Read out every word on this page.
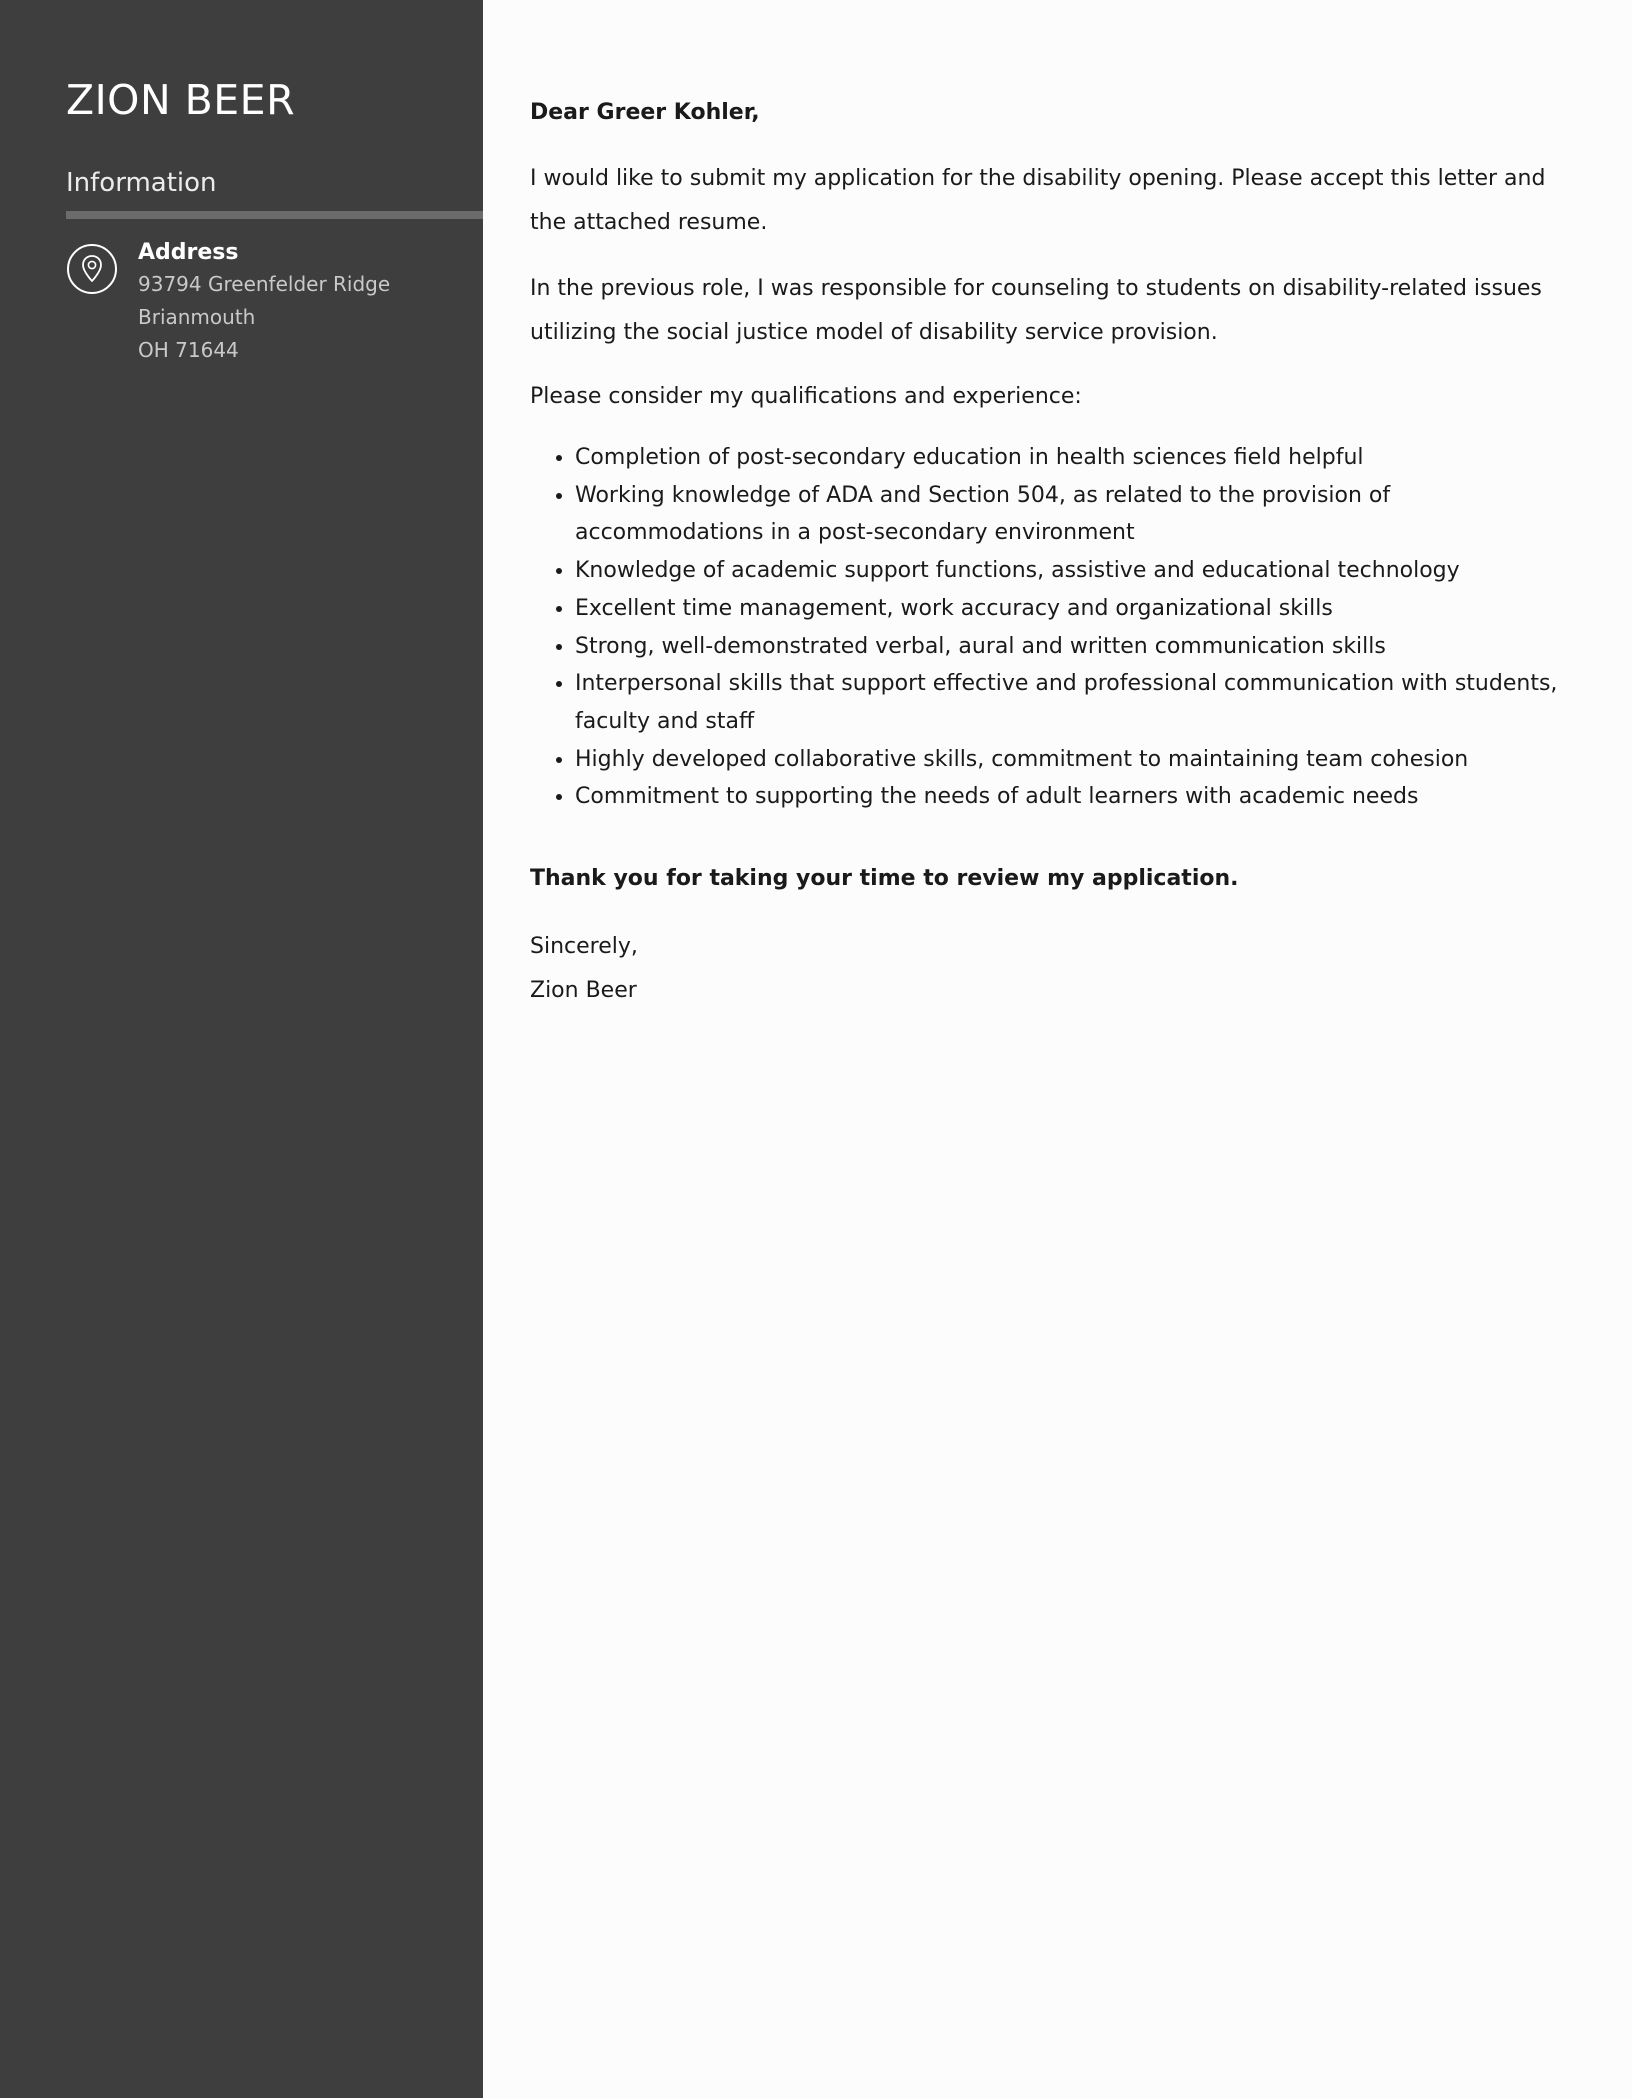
ZION BEER
Information
Address
93794 Greenfelder Ridge
Brianmouth
OH 71644

Dear Greer Kohler,

I would like to submit my application for the disability opening. Please accept this letter and the attached resume.

In the previous role, I was responsible for counseling to students on disability-related issues utilizing the social justice model of disability service provision.

Please consider my qualifications and experience:

• Completion of post-secondary education in health sciences field helpful
• Working knowledge of ADA and Section 504, as related to the provision of accommodations in a post-secondary environment
• Knowledge of academic support functions, assistive and educational technology
• Excellent time management, work accuracy and organizational skills
• Strong, well-demonstrated verbal, aural and written communication skills
• Interpersonal skills that support effective and professional communication with students, faculty and staff
• Highly developed collaborative skills, commitment to maintaining team cohesion
• Commitment to supporting the needs of adult learners with academic needs

Thank you for taking your time to review my application.

Sincerely,

Zion Beer
